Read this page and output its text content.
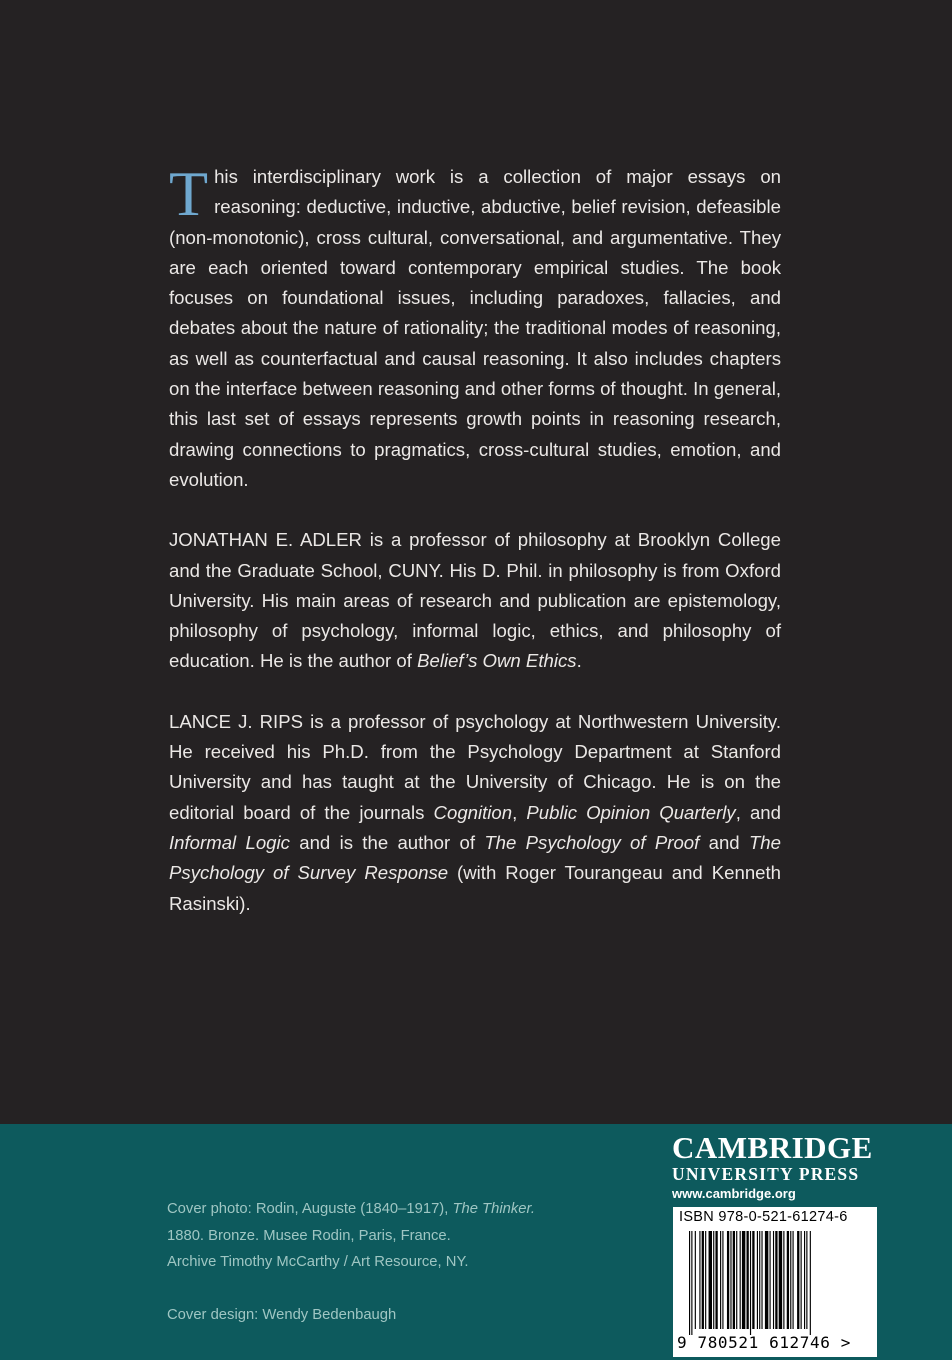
This interdisciplinary work is a collection of major essays on reasoning: deductive, inductive, abductive, belief revision, defeasible (non-monotonic), cross cultural, conversational, and argumentative. They are each oriented toward contemporary empirical studies. The book focuses on foundational issues, including paradoxes, fallacies, and debates about the nature of rationality; the traditional modes of reasoning, as well as counterfactual and causal reasoning. It also includes chapters on the interface between reasoning and other forms of thought. In general, this last set of essays represents growth points in reasoning research, drawing connections to pragmatics, cross-cultural studies, emotion, and evolution.

JONATHAN E. ADLER is a professor of philosophy at Brooklyn College and the Graduate School, CUNY. His D. Phil. in philosophy is from Oxford University. His main areas of research and publication are epistemology, philosophy of psychology, informal logic, ethics, and philosophy of education. He is the author of Belief’s Own Ethics.

LANCE J. RIPS is a professor of psychology at Northwestern University. He received his Ph.D. from the Psychology Department at Stanford University and has taught at the University of Chicago. He is on the editorial board of the journals Cognition, Public Opinion Quarterly, and Informal Logic and is the author of The Psychology of Proof and The Psychology of Survey Response (with Roger Tourangeau and Kenneth Rasinski).

Cover photo: Rodin, Auguste (1840–1917), The Thinker.
1880. Bronze. Musee Rodin, Paris, France.
Archive Timothy McCarthy / Art Resource, NY.
Cover design: Wendy Bedenbaugh
CAMBRIDGE
UNIVERSITY PRESS
www.cambridge.org
ISBN 978-0-521-61274-6
9 780521 612746 >
